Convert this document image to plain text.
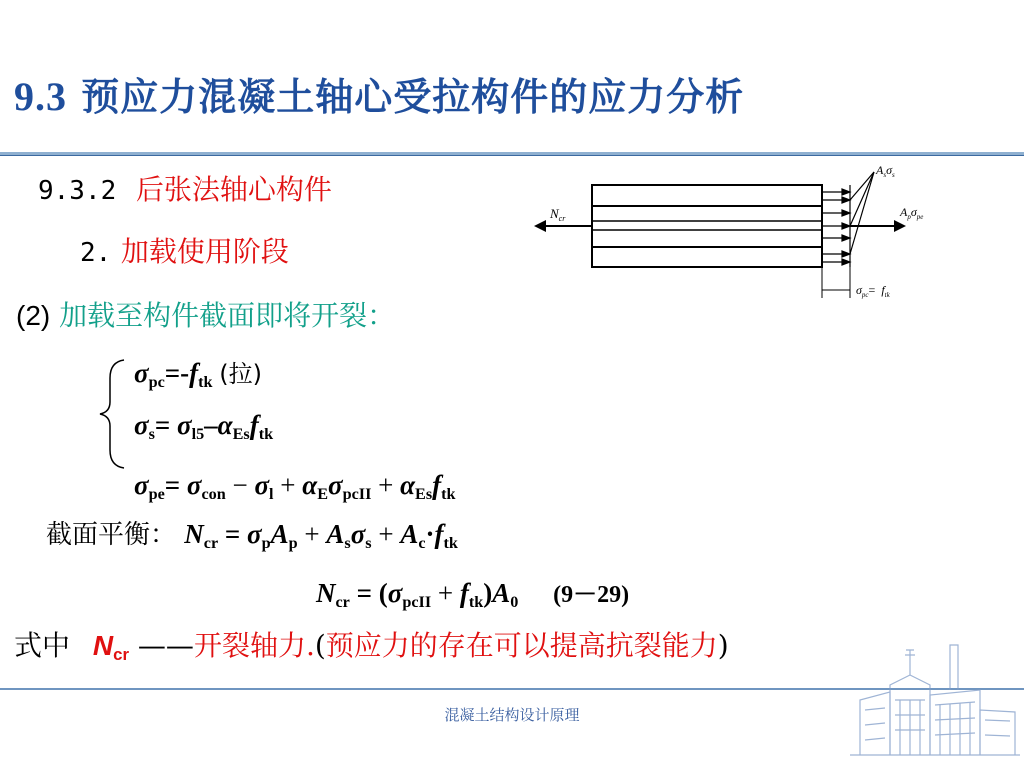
9.3 预应力混凝土轴心受拉构件的应力分析
9.3.2 后张法轴心构件
2. 加载使用阶段
(2) 加载至构件截面即将开裂：
$N_{cr}$
$A_s\sigma_s$
$A_p\sigma_{pe}$
$\sigma_{pc}= f_{tk}$
$\sigma_{pc}=-f_{tk}$ (拉)
$\sigma_s= \sigma_{l5}-\alpha_{Es}f_{tk}$
$\sigma_{pe}= \sigma_{con} - \sigma_l + \alpha_E\sigma_{pcII} + \alpha_{Es}f_{tk}$
截面平衡： $N_{cr} = \sigma_pA_p + A_s\sigma_s + A_c\cdot f_{tk}$
$N_{cr} = (\sigma_{pcII} + f_{tk})A_0$ (9－29)
式中 $N_{cr}$ ——开裂轴力.(预应力的存在可以提高抗裂能力)
混凝土结构设计原理
